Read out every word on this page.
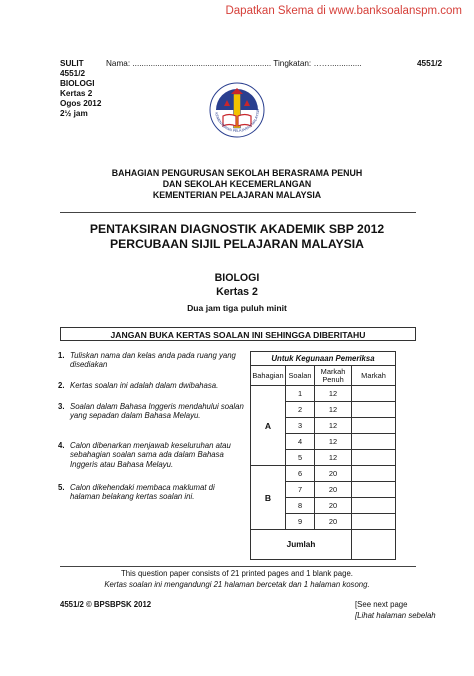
Dapatkan Skema di www.banksoalanspm.com
SULIT
4551/2
BIOLOGI
Kertas 2
Ogos 2012
2½ jam
Nama: ............................................................. Tingkatan: ……..............	4551/2
KEMENTERIAN PELAJARAN MALAYSIA
BAHAGIAN PENGURUSAN SEKOLAH BERASRAMA PENUH
DAN SEKOLAH KECEMERLANGAN
KEMENTERIAN PELAJARAN MALAYSIA
PENTAKSIRAN DIAGNOSTIK AKADEMIK SBP 2012
PERCUBAAN SIJIL PELAJARAN MALAYSIA
BIOLOGI
Kertas 2
Dua jam tiga puluh minit
JANGAN BUKA KERTAS SOALAN INI SEHINGGA DIBERITAHU
1. Tuliskan nama dan kelas anda pada ruang yang disediakan
2. Kertas soalan ini adalah dalam dwibahasa.
3. Soalan dalam Bahasa Inggeris mendahului soalan yang sepadan dalam Bahasa Melayu.
4. Calon dibenarkan menjawab keseluruhan atau sebahagian soalan sama ada dalam Bahasa Inggeris atau Bahasa Melayu.
5. Calon dikehendaki membaca maklumat di halaman belakang kertas soalan ini.
Untuk Kegunaan Pemeriksa			
Bahagian	Soalan	Markah Penuh	Markah
A	1	12	
	2	12	
	3	12	
	4	12	
	5	12	
B	6	20	
	7	20	
	8	20	
	9	20	
Jumlah			
This question paper consists of 21 printed pages and 1 blank page.
Kertas soalan ini mengandungi 21 halaman bercetak dan 1 halaman kosong.
4551/2 © BPSBPSK 2012	[See next page
[Lihat halaman sebelah
